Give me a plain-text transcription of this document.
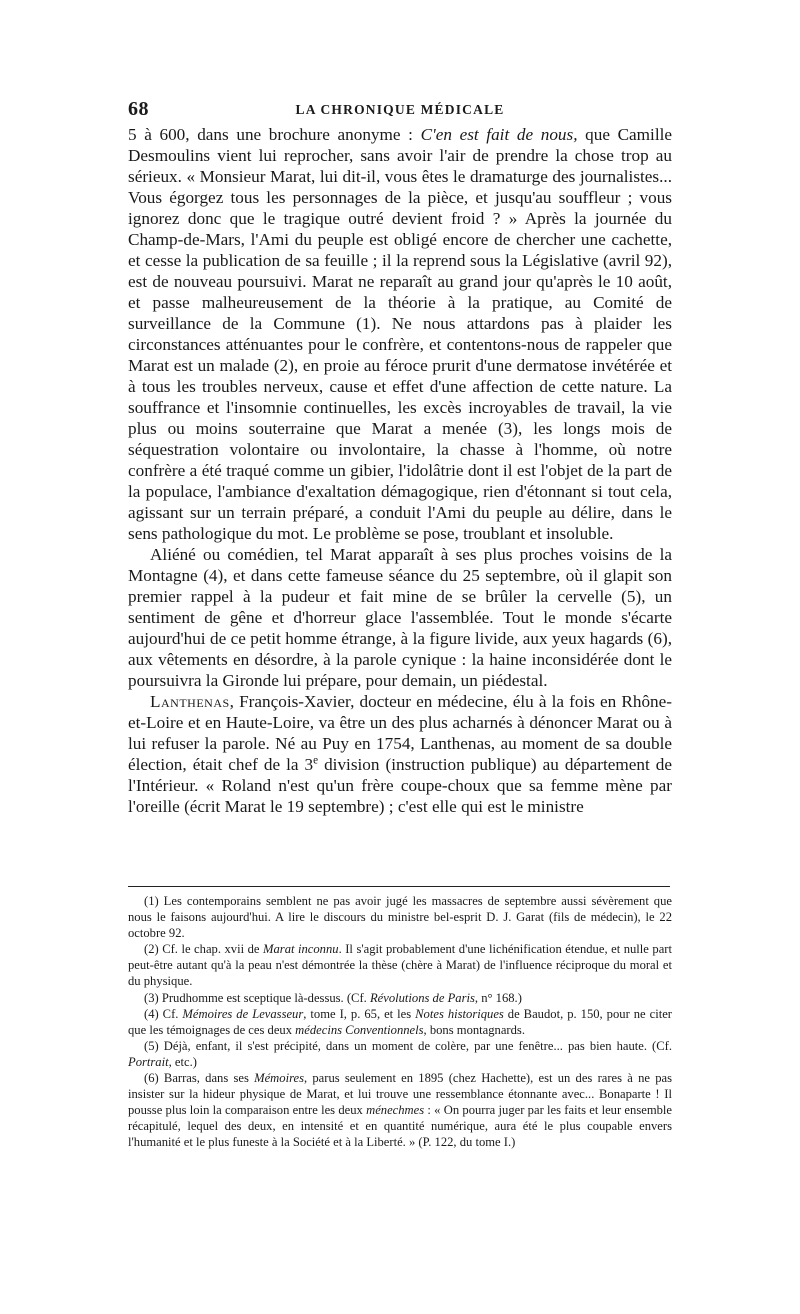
68	LA CHRONIQUE MÉDICALE

5 à 600, dans une brochure anonyme : C'en est fait de nous, que Camille Desmoulins vient lui reprocher, sans avoir l'air de prendre la chose trop au sérieux. « Monsieur Marat, lui dit-il, vous êtes le dramaturge des journalistes... Vous égorgez tous les personnages de la pièce, et jusqu'au souffleur ; vous ignorez donc que le tragique outré devient froid ? » Après la journée du Champ-de-Mars, l'Ami du peuple est obligé encore de chercher une cachette, et cesse la publication de sa feuille ; il la reprend sous la Législative (avril 92), est de nouveau poursuivi. Marat ne reparaît au grand jour qu'après le 10 août, et passe malheureusement de la théorie à la pratique, au Comité de surveillance de la Commune (1). Ne nous attardons pas à plaider les circonstances atténuantes pour le confrère, et contentons-nous de rappeler que Marat est un malade (2), en proie au féroce prurit d'une dermatose invétérée et à tous les troubles nerveux, cause et effet d'une affection de cette nature. La souffrance et l'insomnie continuelles, les excès incroyables de travail, la vie plus ou moins souterraine que Marat a menée (3), les longs mois de séquestration volontaire ou involontaire, la chasse à l'homme, où notre confrère a été traqué comme un gibier, l'idolâtrie dont il est l'objet de la part de la populace, l'ambiance d'exaltation démagogique, rien d'étonnant si tout cela, agissant sur un terrain préparé, a conduit l'Ami du peuple au délire, dans le sens pathologique du mot. Le problème se pose, troublant et insoluble.

Aliéné ou comédien, tel Marat apparaît à ses plus proches voisins de la Montagne (4), et dans cette fameuse séance du 25 septembre, où il glapit son premier rappel à la pudeur et fait mine de se brûler la cervelle (5), un sentiment de gêne et d'horreur glace l'assemblée. Tout le monde s'écarte aujourd'hui de ce petit homme étrange, à la figure livide, aux yeux hagards (6), aux vêtements en désordre, à la parole cynique : la haine inconsidérée dont le poursuivra la Gironde lui prépare, pour demain, un piédestal.

Lanthenas, François-Xavier, docteur en médecine, élu à la fois en Rhône-et-Loire et en Haute-Loire, va être un des plus acharnés à dénoncer Marat ou à lui refuser la parole. Né au Puy en 1754, Lanthenas, au moment de sa double élection, était chef de la 3e division (instruction publique) au département de l'Intérieur. « Roland n'est qu'un frère coupe-choux que sa femme mène par l'oreille (écrit Marat le 19 septembre) ; c'est elle qui est le ministre

(1) Les contemporains semblent ne pas avoir jugé les massacres de septembre aussi sévèrement que nous le faisons aujourd'hui. A lire le discours du ministre bel-esprit D. J. Garat (fils de médecin), le 22 octobre 92.

(2) Cf. le chap. xvii de Marat inconnu. Il s'agit probablement d'une lichénification étendue, et nulle part peut-être autant qu'à la peau n'est démontrée la thèse (chère à Marat) de l'influence réciproque du moral et du physique.

(3) Prudhomme est sceptique là-dessus. (Cf. Révolutions de Paris, n° 168.)

(4) Cf. Mémoires de Levasseur, tome I, p. 65, et les Notes historiques de Baudot, p. 150, pour ne citer que les témoignages de ces deux médecins Conventionnels, bons montagnards.

(5) Déjà, enfant, il s'est précipité, dans un moment de colère, par une fenêtre... pas bien haute. (Cf. Portrait, etc.)

(6) Barras, dans ses Mémoires, parus seulement en 1895 (chez Hachette), est un des rares à ne pas insister sur la hideur physique de Marat, et lui trouve une ressemblance étonnante avec... Bonaparte ! Il pousse plus loin la comparaison entre les deux ménechmes : « On pourra juger par les faits et leur ensemble récapitulé, lequel des deux, en intensité et en quantité numérique, aura été le plus coupable envers l'humanité et le plus funeste à la Société et à la Liberté. » (P. 122, du tome I.)
